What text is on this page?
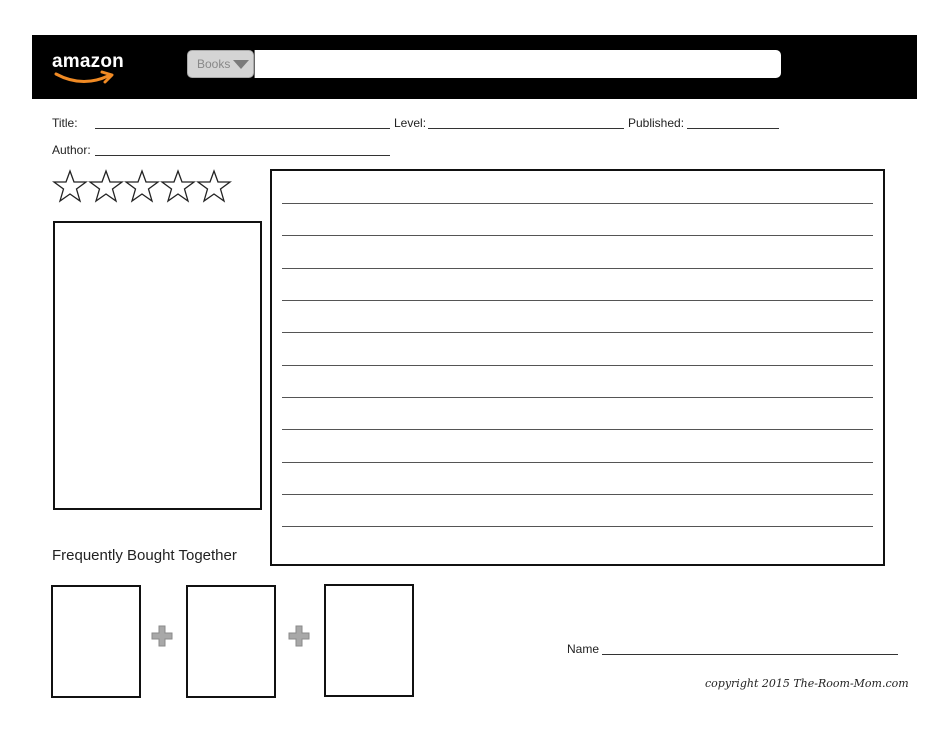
amazon	Books
Title:	Level:	Published:
Author:
Frequently Bought Together
Name
copyright 2015 The-Room-Mom.com
